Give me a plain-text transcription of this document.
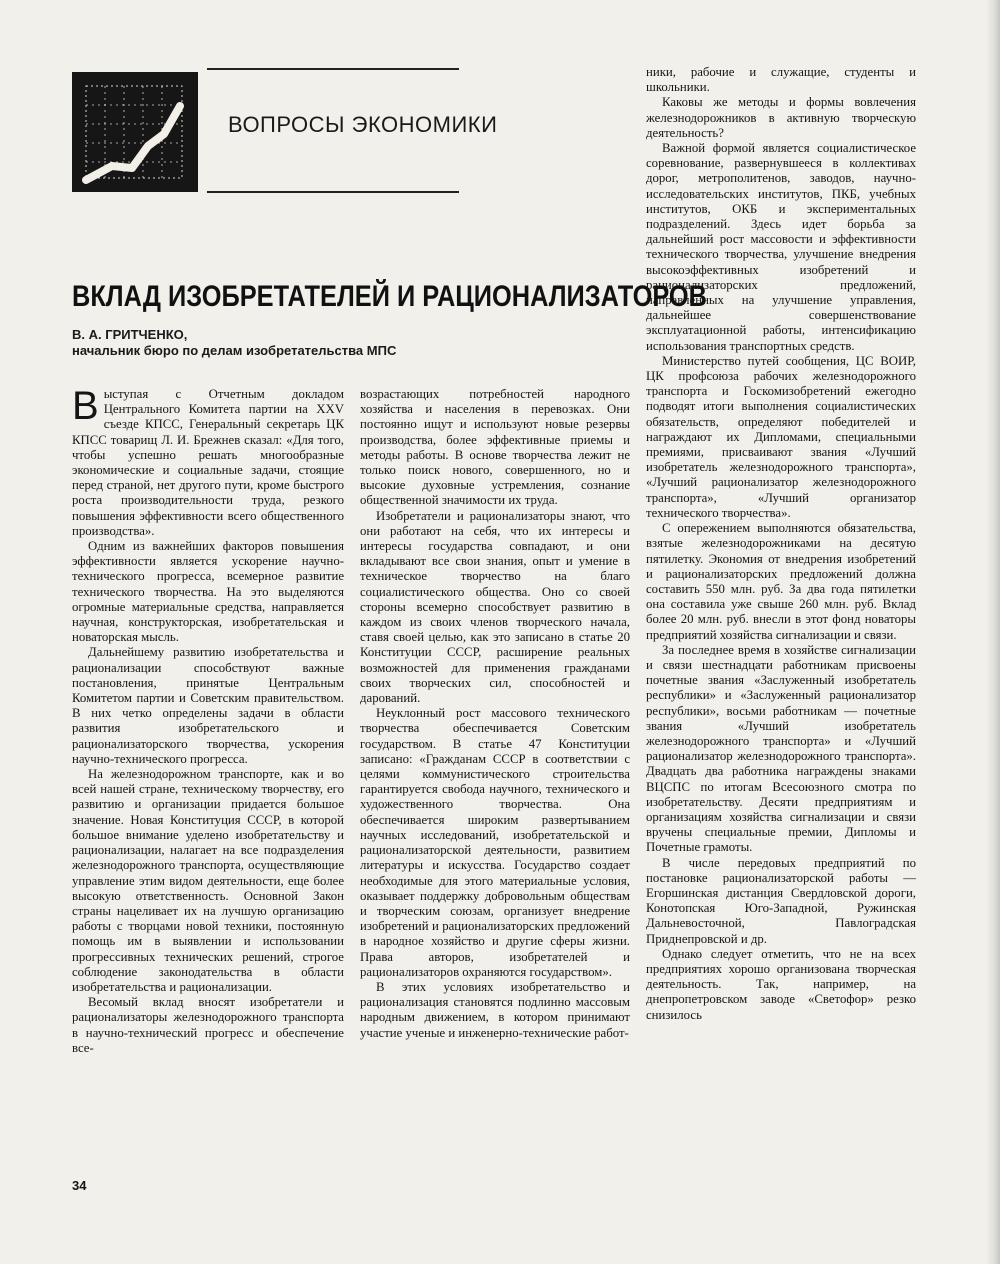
ВОПРОСЫ ЭКОНОМИКИ
ВКЛАД ИЗОБРЕТАТЕЛЕЙ И РАЦИОНАЛИЗАТОРОВ
В. А. ГРИТЧЕНКО,
начальник бюро по делам изобретательства МПС

Выступая с Отчетным докладом Центрального Комитета партии на XXV съезде КПСС, Генеральный секретарь ЦК КПСС товарищ Л. И. Брежнев сказал: «Для того, чтобы успешно решать многообразные экономические и социальные задачи, стоящие перед страной, нет другого пути, кроме быстрого роста производительности труда, резкого повышения эффективности всего общественного производства».

Одним из важнейших факторов повышения эффективности является ускорение научно-технического прогресса, всемерное развитие технического творчества. На это выделяются огромные материальные средства, направляется научная, конструкторская, изобретательская и новаторская мысль.

Дальнейшему развитию изобретательства и рационализации способствуют важные постановления, принятые Центральным Комитетом партии и Советским правительством. В них четко определены задачи в области развития изобретательского и рационализаторского творчества, ускорения научно-технического прогресса.

На железнодорожном транспорте, как и во всей нашей стране, техническому творчеству, его развитию и организации придается большое значение. Новая Конституция СССР, в которой большое внимание уделено изобретательству и рационализации, налагает на все подразделения железнодорожного транспорта, осуществляющие управление этим видом деятельности, еще более высокую ответственность. Основной Закон страны нацеливает их на лучшую организацию работы с творцами новой техники, постоянную помощь им в выявлении и использовании прогрессивных технических решений, строгое соблюдение законодательства в области изобретательства и рационализации.

Весомый вклад вносят изобретатели и рационализаторы железнодорожного транспорта в научно-технический прогресс и обеспечение все-

возрастающих потребностей народного хозяйства и населения в перевозках. Они постоянно ищут и используют новые резервы производства, более эффективные приемы и методы работы. В основе творчества лежит не только поиск нового, совершенного, но и высокие духовные устремления, сознание общественной значимости их труда.

Изобретатели и рационализаторы знают, что они работают на себя, что их интересы и интересы государства совпадают, и они вкладывают все свои знания, опыт и умение в техническое творчество на благо социалистического общества. Оно со своей стороны всемерно способствует развитию в каждом из своих членов творческого начала, ставя своей целью, как это записано в статье 20 Конституции СССР, расширение реальных возможностей для применения гражданами своих творческих сил, способностей и дарований.

Неуклонный рост массового технического творчества обеспечивается Советским государством. В статье 47 Конституции записано: «Гражданам СССР в соответствии с целями коммунистического строительства гарантируется свобода научного, технического и художественного творчества. Она обеспечивается широким развертыванием научных исследований, изобретательской и рационализаторской деятельности, развитием литературы и искусства. Государство создает необходимые для этого материальные условия, оказывает поддержку добровольным обществам и творческим союзам, организует внедрение изобретений и рационализаторских предложений в народное хозяйство и другие сферы жизни. Права авторов, изобретателей и рационализаторов охраняются государством».

В этих условиях изобретательство и рационализация становятся подлинно массовым народным движением, в котором принимают участие ученые и инженерно-технические работ-

ники, рабочие и служащие, студенты и школьники.

Каковы же методы и формы вовлечения железнодорожников в активную творческую деятельность?

Важной формой является социалистическое соревнование, развернувшееся в коллективах дорог, метрополитенов, заводов, научно-исследовательских институтов, ПКБ, учебных институтов, ОКБ и экспериментальных подразделений. Здесь идет борьба за дальнейший рост массовости и эффективности технического творчества, улучшение внедрения высокоэффективных изобретений и рационализаторских предложений, направленных на улучшение управления, дальнейшее совершенствование эксплуатационной работы, интенсификацию использования транспортных средств.

Министерство путей сообщения, ЦС ВОИР, ЦК профсоюза рабочих железнодорожного транспорта и Госкомизобретений ежегодно подводят итоги выполнения социалистических обязательств, определяют победителей и награждают их Дипломами, специальными премиями, присваивают звания «Лучший изобретатель железнодорожного транспорта», «Лучший рационализатор железнодорожного транспорта», «Лучший организатор технического творчества».

С опережением выполняются обязательства, взятые железнодорожниками на десятую пятилетку. Экономия от внедрения изобретений и рационализаторских предложений должна составить 550 млн. руб. За два года пятилетки она составила уже свыше 260 млн. руб. Вклад более 20 млн. руб. внесли в этот фонд новаторы предприятий хозяйства сигнализации и связи.

За последнее время в хозяйстве сигнализации и связи шестнадцати работникам присвоены почетные звания «Заслуженный изобретатель республики» и «Заслуженный рационализатор республики», восьми работникам — почетные звания «Лучший изобретатель железнодорожного транспорта» и «Лучший рационализатор железнодорожного транспорта». Двадцать два работника награждены знаками ВЦСПС по итогам Всесоюзного смотра по изобретательству. Десяти предприятиям и организациям хозяйства сигнализации и связи вручены специальные премии, Дипломы и Почетные грамоты.

В числе передовых предприятий по постановке рационализаторской работы — Егоршинская дистанция Свердловской дороги, Конотопская Юго-Западной, Ружинская Дальневосточной, Павлоградская Приднепровской и др.

Однако следует отметить, что не на всех предприятиях хорошо организована творческая деятельность. Так, например, на днепропетровском заводе «Светофор» резко снизилось

34
